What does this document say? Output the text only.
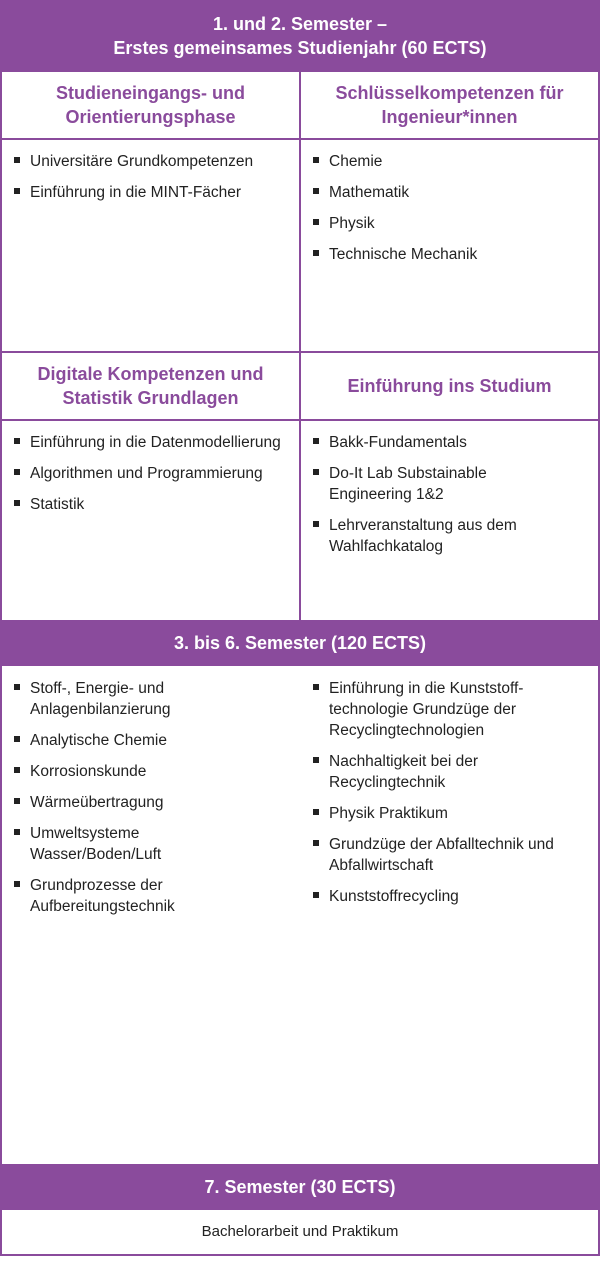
1. und 2. Semester –
Erstes gemeinsames Studienjahr (60 ECTS)
Studieneingangs- und
Orientierungsphase
Universitäre Grundkompetenzen
Einführung in die MINT-Fächer
Schlüsselkompetenzen für
Ingenieur*innen
Chemie
Mathematik
Physik
Technische Mechanik
Digitale Kompetenzen und
Statistik Grundlagen
Einführung in die Datenmodellierung
Algorithmen und Programmierung
Statistik
Einführung ins Studium
Bakk-Fundamentals
Do-It Lab Substainable Engineering 1&2
Lehrveranstaltung aus dem Wahlfachkatalog
3. bis 6. Semester (120 ECTS)
Stoff-, Energie- und Anlagenbilanzierung
Analytische Chemie
Korrosionskunde
Wärmeübertragung
Umweltsysteme Wasser/Boden/Luft
Grundprozesse der Aufbereitungstechnik
Einführung in die Kunststoff-technologie Grundzüge der Recyclingtechnologien
Nachhaltigkeit bei der Recyclingtechnik
Physik Praktikum
Grundzüge der Abfalltechnik und Abfallwirtschaft
Kunststoffrecycling
7. Semester (30 ECTS)
Bachelorarbeit und Praktikum
